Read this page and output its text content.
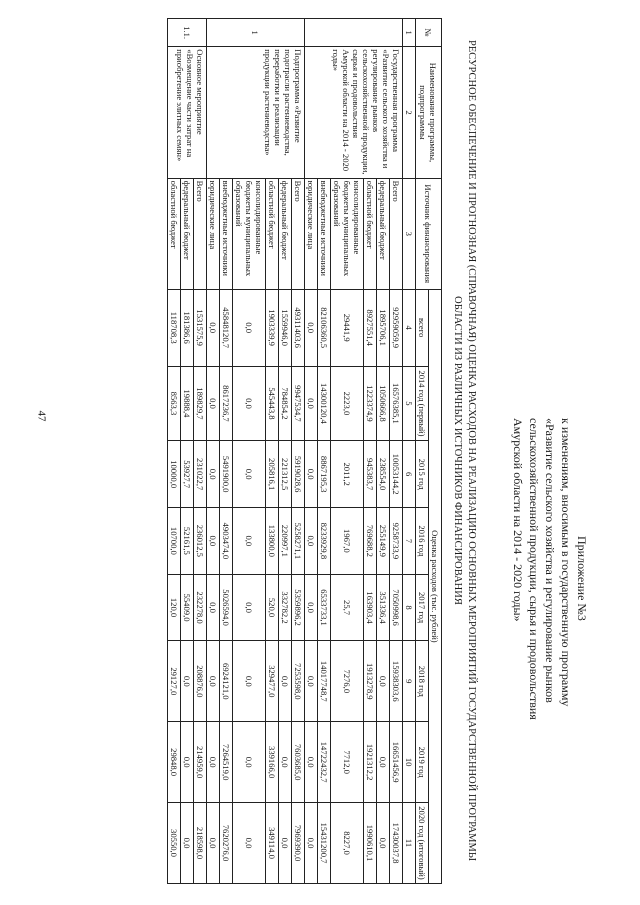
47
Приложение №3
к изменениям, вносимым в государственную программу
«Развитие сельского хозяйства и регулирование рынков
сельскохозяйственной продукции, сырья и продовольствия
Амурской области на 2014 - 2020 годы»
РЕСУРСНОЕ ОБЕСПЕЧЕНИЕ И ПРОГНОЗНАЯ (СПРАВОЧНАЯ) ОЦЕНКА РАСХОДОВ НА РЕАЛИЗАЦИЮ ОСНОВНЫХ МЕРОПРИЯТИЙ ГОСУДАРСТВЕННОЙ ПРОГРАММЫ
ОБЛАСТИ ИЗ РАЗЛИЧНЫХ ИСТОЧНИКОВ ФИНАНСИРОВАНИЯ
№	Наименование программы, подпрограммы	Источник финансирования	Оценка расходов (тыс. рублей)							
			всего	2014 год (первый)	2015 год	2016 год	2017 год	2018 год	2019 год	2020 год (итоговый)

1	2	3	4	5	6	7	8	9	10	11
	Государственная программа «Развитие сельского хозяйства и регулирование рынков сельскохозяйственной продукции, сырья и продовольствия Амурской области на 2014 - 2020 годы»	Всего	92959059,9	16576385,1	10053144,2	9258733,9	7050998,6	15938303,6	16651456,9	17430037,8
		федеральный бюджет	1895706,1	1050666,8	238554,0	255149,9	351336,4	0,0	0,0	0,0
		областной бюджет	8927551,4	1223374,9	945383,7	769688,2	163903,4	1913278,9	1921312,2	1990610,1
		консолидированные бюджеты муниципальных образований	29441,9	2223,0	2011,2	1967,0	25,7	7276,0	7712,0	8227,0
		внебюджетные источники	82106360,5	14300120,4	8867195,3	8233929,8	6533733,1	14017748,7	14722432,7	15431200,7
		юридические лица	0,0	0,0	0,0	0,0	0,0	0,0	0,0	0,0
1	Подпрограмма «Развитие подотрасли растениеводства, переработки и реализации продукции растениеводства»	Всего	49311403,6	9947534,7	5919028,6	5258271,1	5359896,2	7253598,0	7603685,0	7969390,0
		федеральный бюджет	1559946,0	784854,2	221312,5	220997,1	332782,2	0,0	0,0	0,0
		областной бюджет	1903339,9	545443,8	205816,1	133800,0	520,0	329477,0	339166,0	349114,0
		консолидированные бюджеты муниципальных образований	0,0	0,0	0,0	0,0	0,0	0,0	0,0	0,0
		внебюджетные источники	45848120,7	8617236,7	5491900,0	4903474,0	5026594,0	6924121,0	7264519,0	7620276,0
		юридические лица	0,0	0,0	0,0	0,0	0,0	0,0	0,0	0,0
1.1.	Основное мероприятие «Возмещение части затрат на приобретение элитных семян»	Всего	1531575,9	189829,7	231022,7	236012,5	232278,0	208876,0	214959,0	218598,0
		федеральный бюджет	181386,6	19888,4	53927,7	52161,5	55409,0	0,0	0,0	0,0
		областной бюджет	118708,3	8563,3	10000,0	10700,0	120,0	29127,0	29848,0	30550,0
